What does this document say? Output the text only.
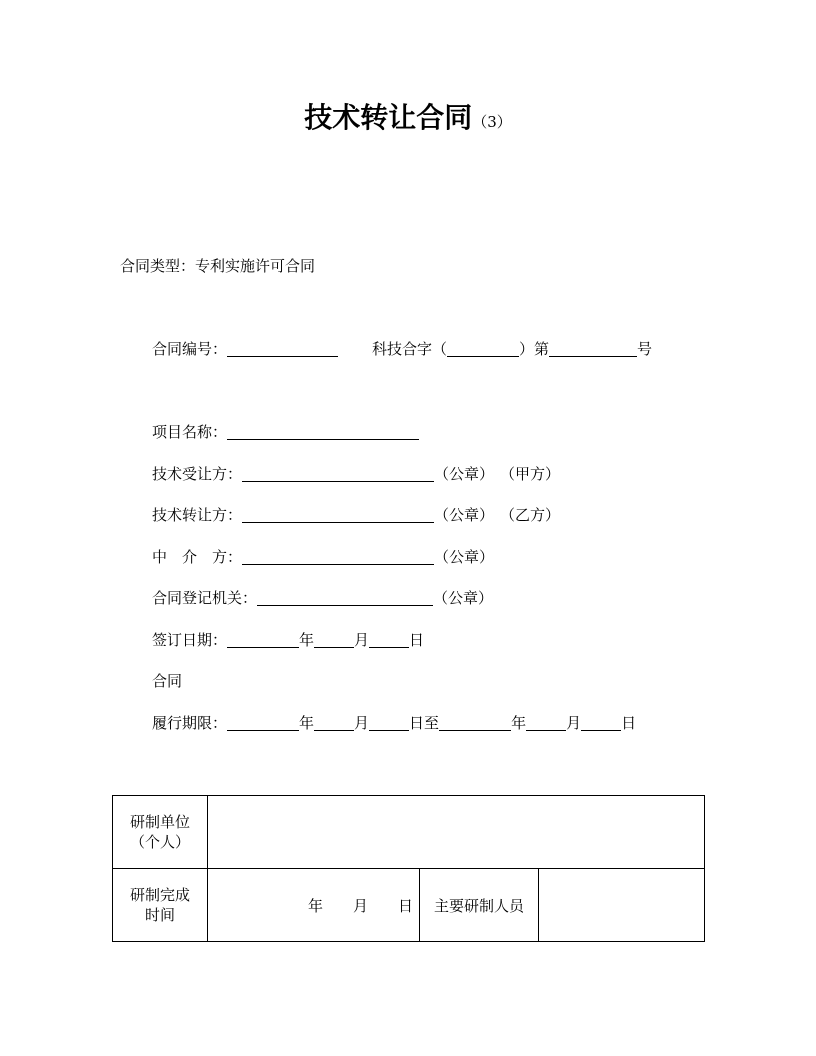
技术转让合同（3）
合同类型：专利实施许可合同
合同编号：	科技合字（	）第	号
项目名称：
技术受让方：	（公章） （甲方）
技术转让方：	（公章） （乙方）
中　介　方：	（公章）
合同登记机关：	（公章）
签订日期：	年	月	日
合同
履行期限：	年	月	日至	年	月	日
研制单位
（个人）			

研制完成
时间	年　　月　　日	主要研制人员	
